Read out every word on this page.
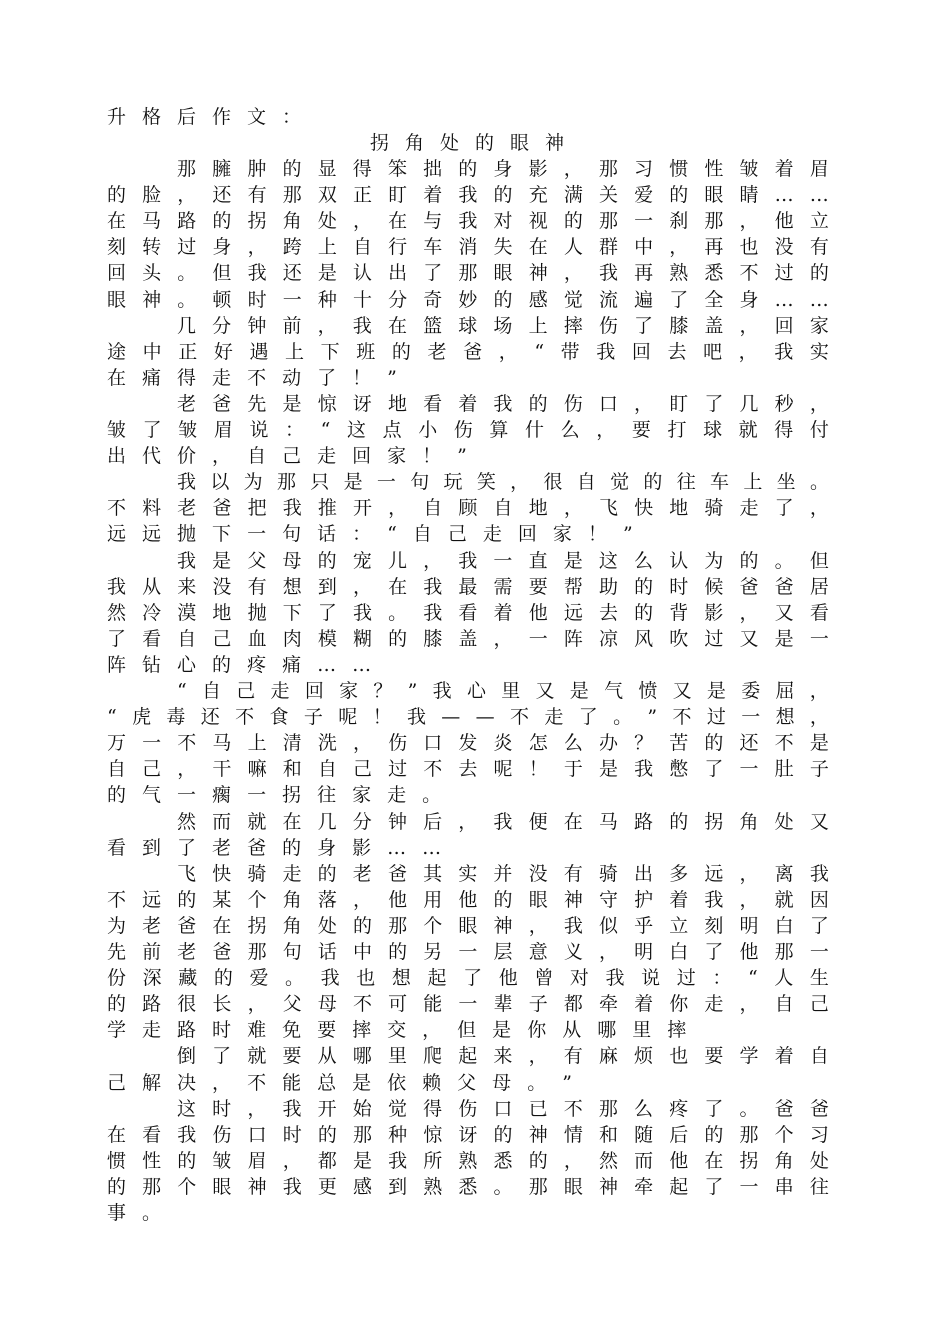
升格后作文：
拐角处的眼神
那 臃 肿 的 显 得 笨 拙 的 身 影 ， 那 习 惯 性 皱 着 眉
的 脸 ， 还 有 那 双 正 盯 着 我 的 充 满 关 爱 的 眼 睛 … …
在 马 路 的 拐 角 处 ， 在 与 我 对 视 的 那 一 刹 那 ， 他 立
刻 转 过 身 ， 跨 上 自 行 车 消 失 在 人 群 中 ， 再 也 没 有
回 头 。 但 我 还 是 认 出 了 那 眼 神 ， 我 再 熟 悉 不 过 的
眼 神 。 顿 时 一 种 十 分 奇 妙 的 感 觉 流 遍 了 全 身 … …
几 分 钟 前 ， 我 在 篮 球 场 上 摔 伤 了 膝 盖 ， 回 家
途 中 正 好 遇 上 下 班 的 老 爸 ， “ 带 我 回 去 吧 ， 我 实
在 痛 得 走 不 动 了 ！ ”
老 爸 先 是 惊 讶 地 看 着 我 的 伤 口 ， 盯 了 几 秒 ，
皱 了 皱 眉 说 ： “ 这 点 小 伤 算 什 么 ， 要 打 球 就 得 付
出 代 价 ， 自 己 走 回 家 ！ ”
我 以 为 那 只 是 一 句 玩 笑 ， 很 自 觉 的 往 车 上 坐 。
不 料 老 爸 把 我 推 开 ， 自 顾 自 地 ， 飞 快 地 骑 走 了 ，
远 远 抛 下 一 句 话 ： “ 自 己 走 回 家 ！ ”
我 是 父 母 的 宠 儿 ， 我 一 直 是 这 么 认 为 的 。 但
我 从 来 没 有 想 到 ， 在 我 最 需 要 帮 助 的 时 候 爸 爸 居
然 冷 漠 地 抛 下 了 我 。 我 看 着 他 远 去 的 背 影 ， 又 看
了 看 自 己 血 肉 模 糊 的 膝 盖 ， 一 阵 凉 风 吹 过 又 是 一
阵 钻 心 的 疼 痛 … …
“ 自 己 走 回 家 ？ ” 我 心 里 又 是 气 愤 又 是 委 屈 ，
“ 虎 毒 还 不 食 子 呢 ！ 我 — — 不 走 了 。 ” 不 过 一 想 ，
万 一 不 马 上 清 洗 ， 伤 口 发 炎 怎 么 办 ？ 苦 的 还 不 是
自 己 ， 干 嘛 和 自 己 过 不 去 呢 ！ 于 是 我 憋 了 一 肚 子
的 气 一 瘸 一 拐 往 家 走 。
然 而 就 在 几 分 钟 后 ， 我 便 在 马 路 的 拐 角 处 又
看 到 了 老 爸 的 身 影 … …
飞 快 骑 走 的 老 爸 其 实 并 没 有 骑 出 多 远 ， 离 我
不 远 的 某 个 角 落 ， 他 用 他 的 眼 神 守 护 着 我 ， 就 因
为 老 爸 在 拐 角 处 的 那 个 眼 神 ， 我 似 乎 立 刻 明 白 了
先 前 老 爸 那 句 话 中 的 另 一 层 意 义 ， 明 白 了 他 那 一
份 深 藏 的 爱 。 我 也 想 起 了 他 曾 对 我 说 过 ： “ 人 生
的 路 很 长 ， 父 母 不 可 能 一 辈 子 都 牵 着 你 走 ， 自 己
学 走 路 时 难 免 要 摔 交 ， 但 是 你 从 哪 里 摔
倒 了 就 要 从 哪 里 爬 起 来 ， 有 麻 烦 也 要 学 着 自
己 解 决 ， 不 能 总 是 依 赖 父 母 。 ”
这 时 ， 我 开 始 觉 得 伤 口 已 不 那 么 疼 了 。 爸 爸
在 看 我 伤 口 时 的 那 种 惊 讶 的 神 情 和 随 后 的 那 个 习
惯 性 的 皱 眉 ， 都 是 我 所 熟 悉 的 ， 然 而 他 在 拐 角 处
的 那 个 眼 神 我 更 感 到 熟 悉 。 那 眼 神 牵 起 了 一 串 往
事 。
